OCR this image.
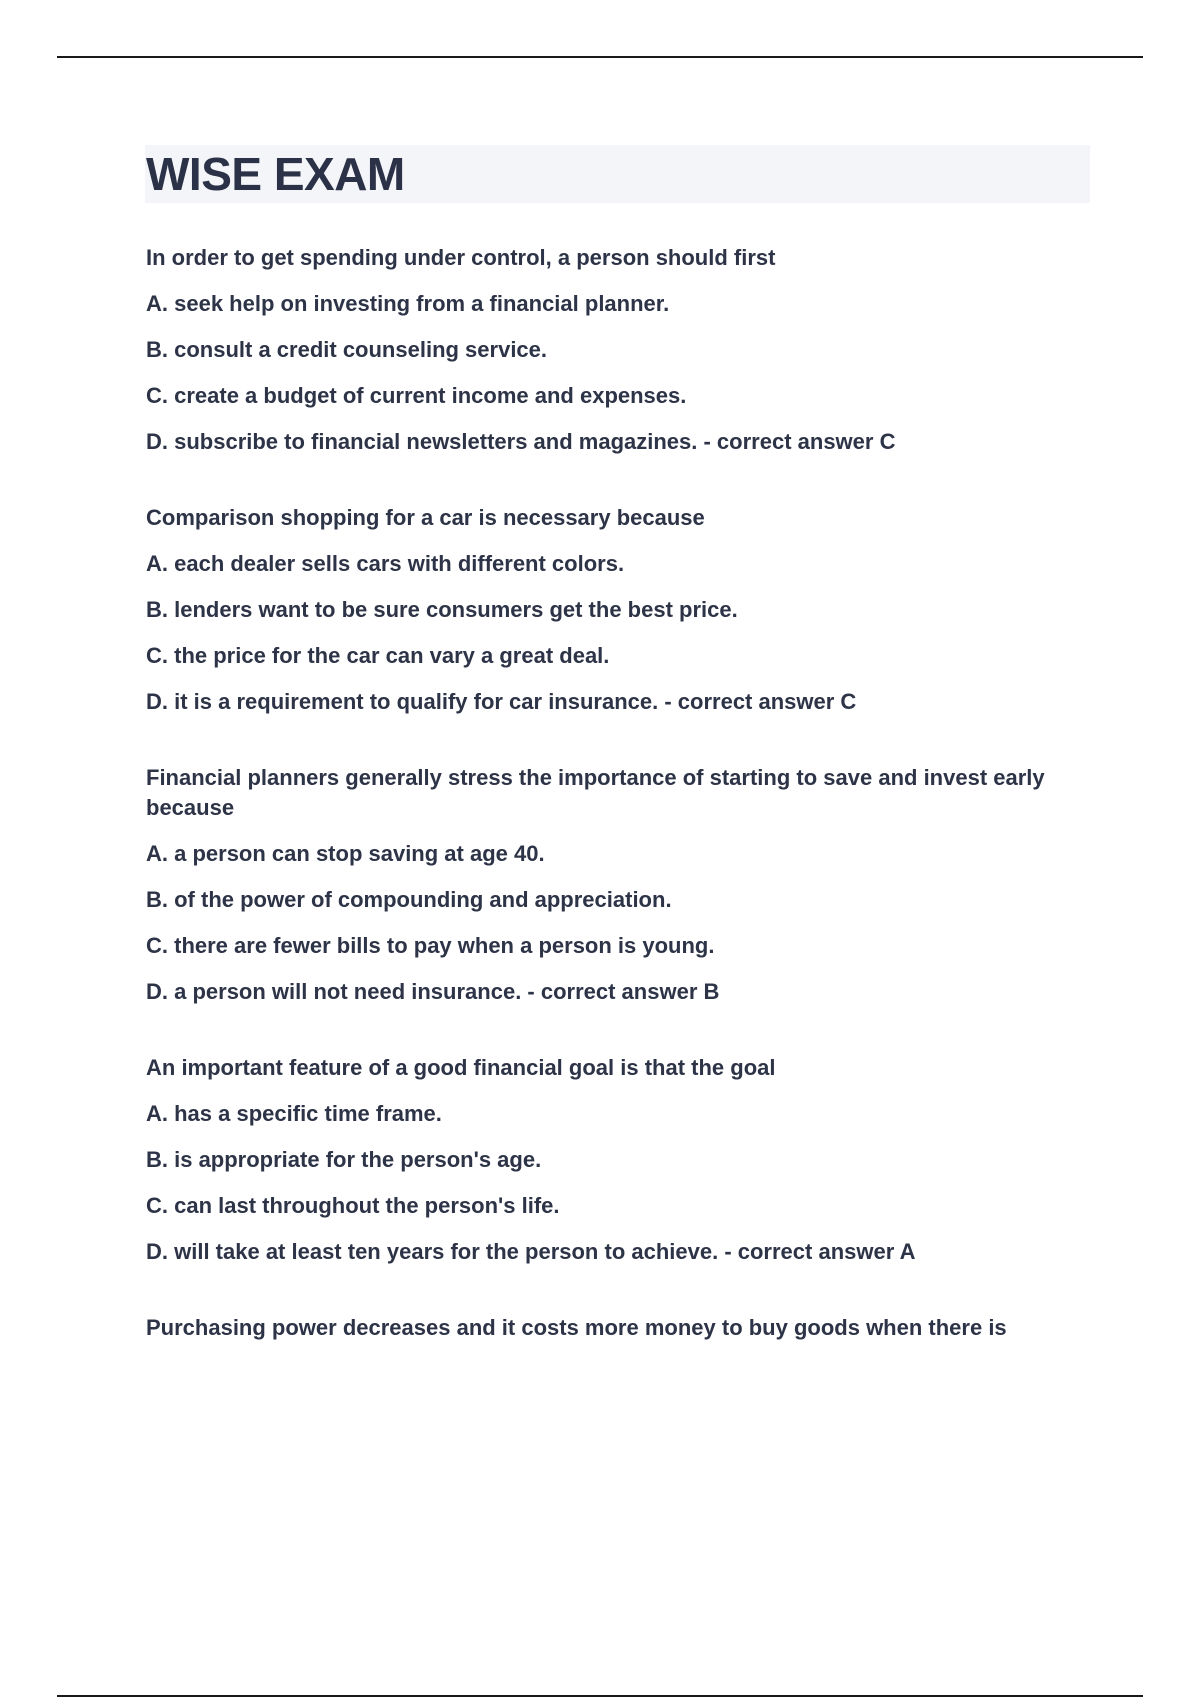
WISE EXAM

In order to get spending under control, a person should first

A. seek help on investing from a financial planner.

B. consult a credit counseling service.

C. create a budget of current income and expenses.

D. subscribe to financial newsletters and magazines. - correct answer C

Comparison shopping for a car is necessary because

A. each dealer sells cars with different colors.

B. lenders want to be sure consumers get the best price.

C. the price for the car can vary a great deal.

D. it is a requirement to qualify for car insurance. - correct answer C

Financial planners generally stress the importance of starting to save and invest early because

A. a person can stop saving at age 40.

B. of the power of compounding and appreciation.

C. there are fewer bills to pay when a person is young.

D. a person will not need insurance. - correct answer B

An important feature of a good financial goal is that the goal

A. has a specific time frame.

B. is appropriate for the person's age.

C. can last throughout the person's life.

D. will take at least ten years for the person to achieve. - correct answer A

Purchasing power decreases and it costs more money to buy goods when there is
